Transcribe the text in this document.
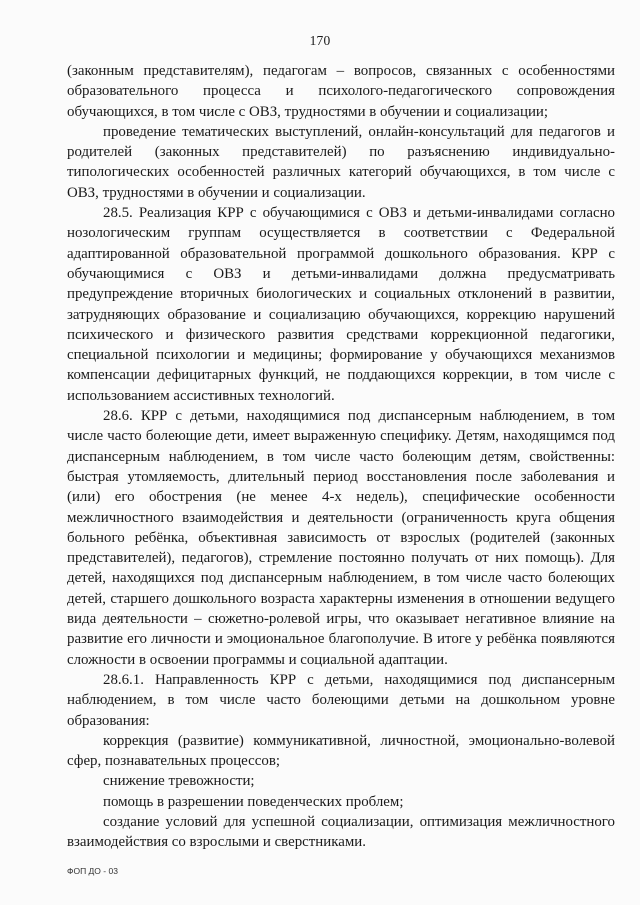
170

(законным представителям), педагогам – вопросов, связанных с особенностями образовательного процесса и психолого-педагогического сопровождения обучающихся, в том числе с ОВЗ, трудностями в обучении и социализации;

проведение тематических выступлений, онлайн-консультаций для педагогов и родителей (законных представителей) по разъяснению индивидуально-типологических особенностей различных категорий обучающихся, в том числе с ОВЗ, трудностями в обучении и социализации.

28.5. Реализация КРР с обучающимися с ОВЗ и детьми-инвалидами согласно нозологическим группам осуществляется в соответствии с Федеральной адаптированной образовательной программой дошкольного образования. КРР с обучающимися с ОВЗ и детьми-инвалидами должна предусматривать предупреждение вторичных биологических и социальных отклонений в развитии, затрудняющих образование и социализацию обучающихся, коррекцию нарушений психического и физического развития средствами коррекционной педагогики, специальной психологии и медицины; формирование у обучающихся механизмов компенсации дефицитарных функций, не поддающихся коррекции, в том числе с использованием ассистивных технологий.

28.6. КРР с детьми, находящимися под диспансерным наблюдением, в том числе часто болеющие дети, имеет выраженную специфику. Детям, находящимся под диспансерным наблюдением, в том числе часто болеющим детям, свойственны: быстрая утомляемость, длительный период восстановления после заболевания и (или) его обострения (не менее 4-х недель), специфические особенности межличностного взаимодействия и деятельности (ограниченность круга общения больного ребёнка, объективная зависимость от взрослых (родителей (законных представителей), педагогов), стремление постоянно получать от них помощь). Для детей, находящихся под диспансерным наблюдением, в том числе часто болеющих детей, старшего дошкольного возраста характерны изменения в отношении ведущего вида деятельности – сюжетно-ролевой игры, что оказывает негативное влияние на развитие его личности и эмоциональное благополучие. В итоге у ребёнка появляются сложности в освоении программы и социальной адаптации.

28.6.1. Направленность КРР с детьми, находящимися под диспансерным наблюдением, в том числе часто болеющими детьми на дошкольном уровне образования:

коррекция (развитие) коммуникативной, личностной, эмоционально-волевой сфер, познавательных процессов;

снижение тревожности;

помощь в разрешении поведенческих проблем;

создание условий для успешной социализации, оптимизация межличностного взаимодействия со взрослыми и сверстниками.

ФОП ДО - 03
